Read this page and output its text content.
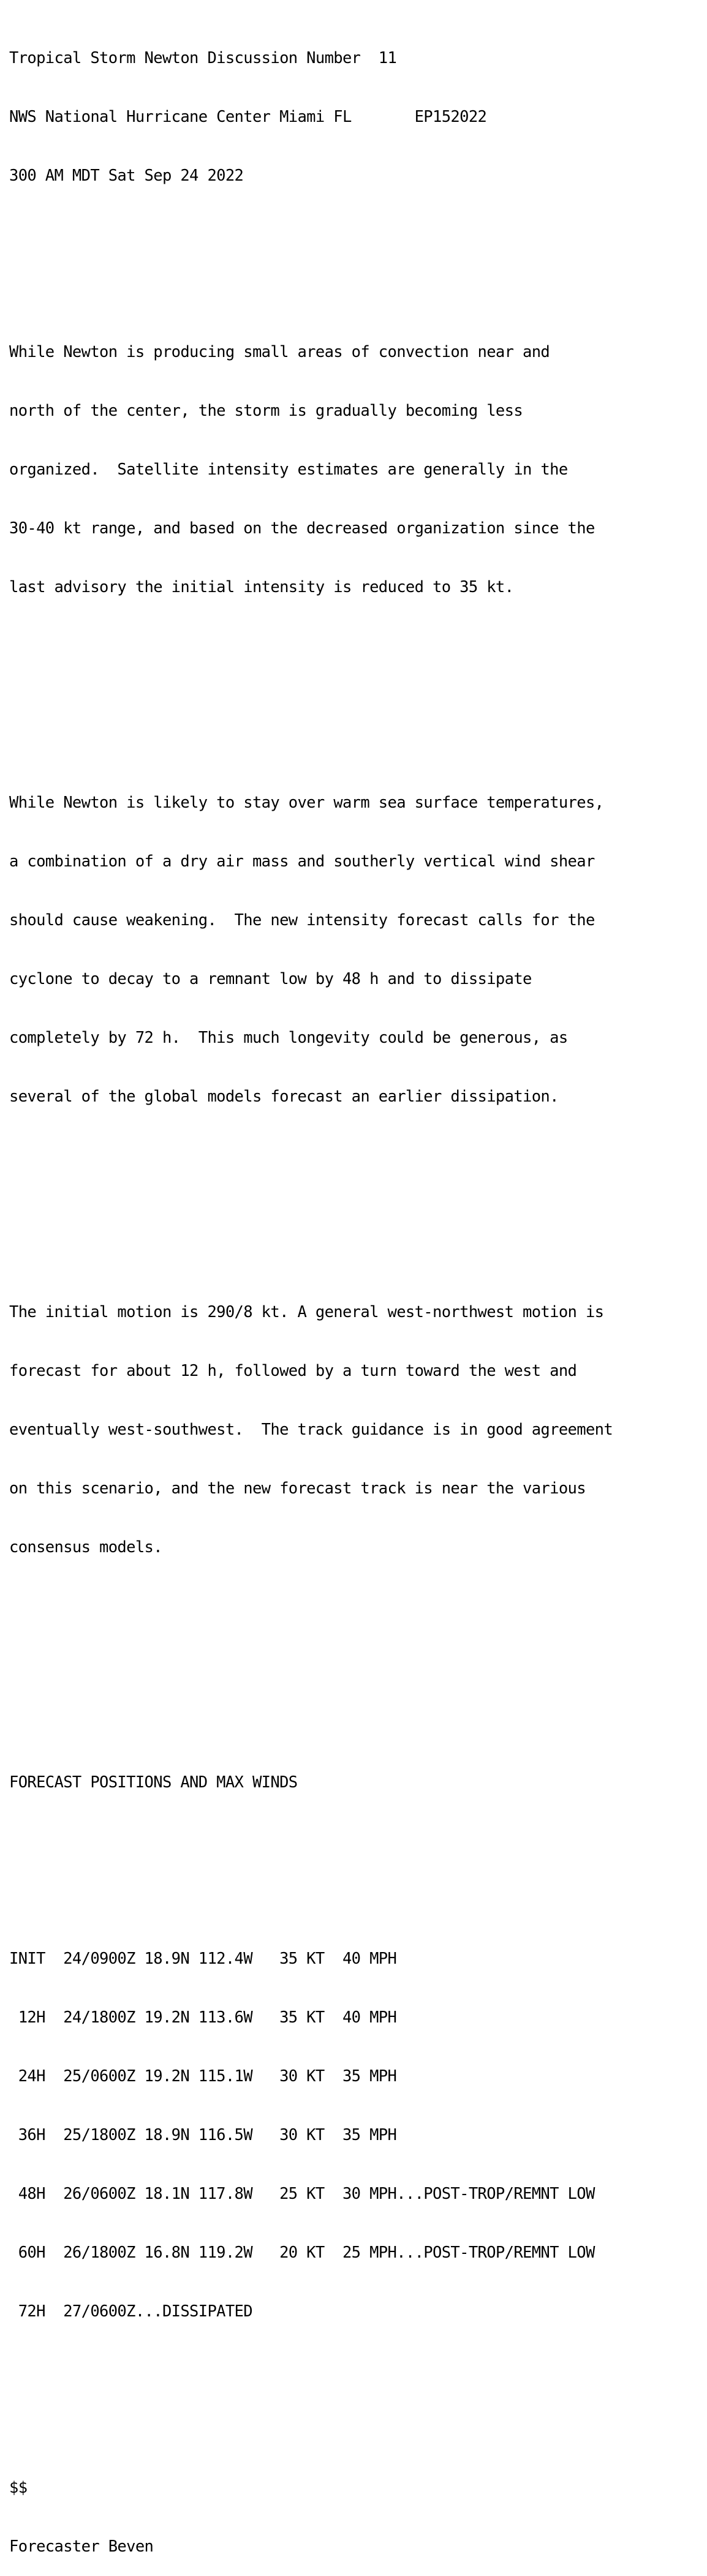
Tropical Storm Newton Discussion Number  11

NWS National Hurricane Center Miami FL       EP152022

300 AM MDT Sat Sep 24 2022

While Newton is producing small areas of convection near and

north of the center, the storm is gradually becoming less

organized.  Satellite intensity estimates are generally in the

30-40 kt range, and based on the decreased organization since the

last advisory the initial intensity is reduced to 35 kt.

While Newton is likely to stay over warm sea surface temperatures,

a combination of a dry air mass and southerly vertical wind shear

should cause weakening.  The new intensity forecast calls for the

cyclone to decay to a remnant low by 48 h and to dissipate

completely by 72 h.  This much longevity could be generous, as

several of the global models forecast an earlier dissipation.

The initial motion is 290/8 kt. A general west-northwest motion is

forecast for about 12 h, followed by a turn toward the west and

eventually west-southwest.  The track guidance is in good agreement

on this scenario, and the new forecast track is near the various

consensus models.

FORECAST POSITIONS AND MAX WINDS

INIT  24/0900Z 18.9N 112.4W   35 KT  40 MPH

12H  24/1800Z 19.2N 113.6W   35 KT  40 MPH

24H  25/0600Z 19.2N 115.1W   30 KT  35 MPH

36H  25/1800Z 18.9N 116.5W   30 KT  35 MPH

48H  26/0600Z 18.1N 117.8W   25 KT  30 MPH...POST-TROP/REMNT LOW

60H  26/1800Z 16.8N 119.2W   20 KT  25 MPH...POST-TROP/REMNT LOW

72H  27/0600Z...DISSIPATED

$$

Forecaster Beven
